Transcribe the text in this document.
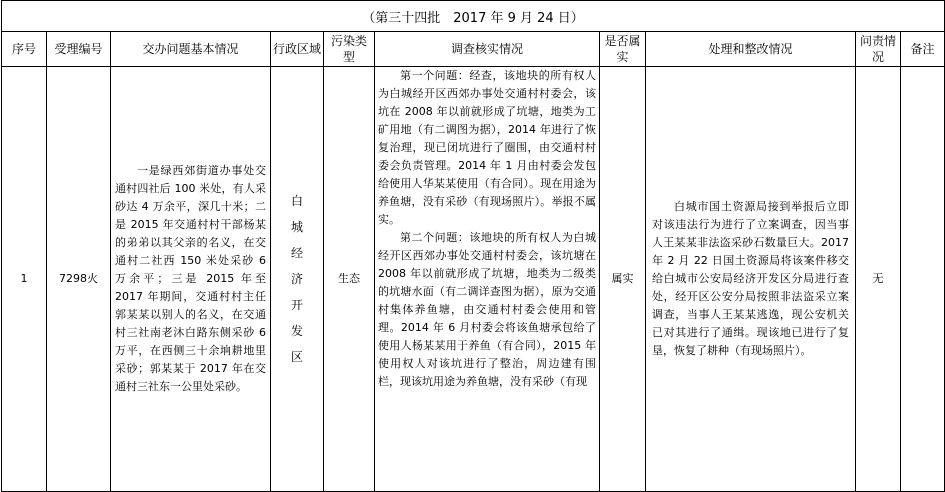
（第三十四批　2017 年 9 月 24 日）									
序号	受理编号	交办问题基本情况	行政区域	污染类型	调查核实情况	是否属实	处理和整改情况	问责情况	备注
1	7298火	一是绿西郊街道办事处交通村四社后 100 米处，有人采砂达 4 万余平，深几十米；二是 2015 年交通村村干部杨某的弟弟以其父亲的名义，在交通村二社西 150 米处采砂 6 万余平；三是 2015 年至 2017 年期间，交通村村主任郭某某以别人的名义，在交通村三社南老沐白路东侧采砂 6 万平，在西侧三十余垧耕地里采砂；郭某某于 2017 年在交通村三社东一公里处采砂。	白城经济开发区	生态	第一个问题：经查，该地块的所有权人为白城经开区西郊办事处交通村村委会，该坑在 2008 年以前就形成了坑塘，地类为工矿用地（有二调图为据），2014 年进行了恢复治理，现已闭坑进行了圈围，由交通村村委会负责管理。2014 年 1 月由村委会发包给使用人华某某使用（有合同）。现在用途为养鱼塘，没有采砂（有现场照片）。举报不属实。

第二个问题：该地块的所有权人为白城经开区西郊办事处交通村村委会，该坑塘在 2008 年以前就形成了坑塘，地类为二级类的坑塘水面（有二调详查图为据），原为交通村集体养鱼塘，由交通村村委会使用和管理。2014 年 6 月村委会将该鱼塘承包给了使用人杨某某用于养鱼（有合同），2015 年使用权人对该坑进行了整治，周边建有围栏，现该坑用途为养鱼塘，没有采砂（有现	属实	白城市国土资源局接到举报后立即对该违法行为进行了立案调查，因当事人王某某非法盗采砂石数量巨大。2017 年 2 月 22 日国土资源局将该案件移交给白城市公安局经济开发区分局进行查处，经开区公安分局按照非法盗采立案调查，当事人王某某逃逸，现公安机关已对其进行了通缉。现该地已进行了复垦，恢复了耕种（有现场照片）。	无	
